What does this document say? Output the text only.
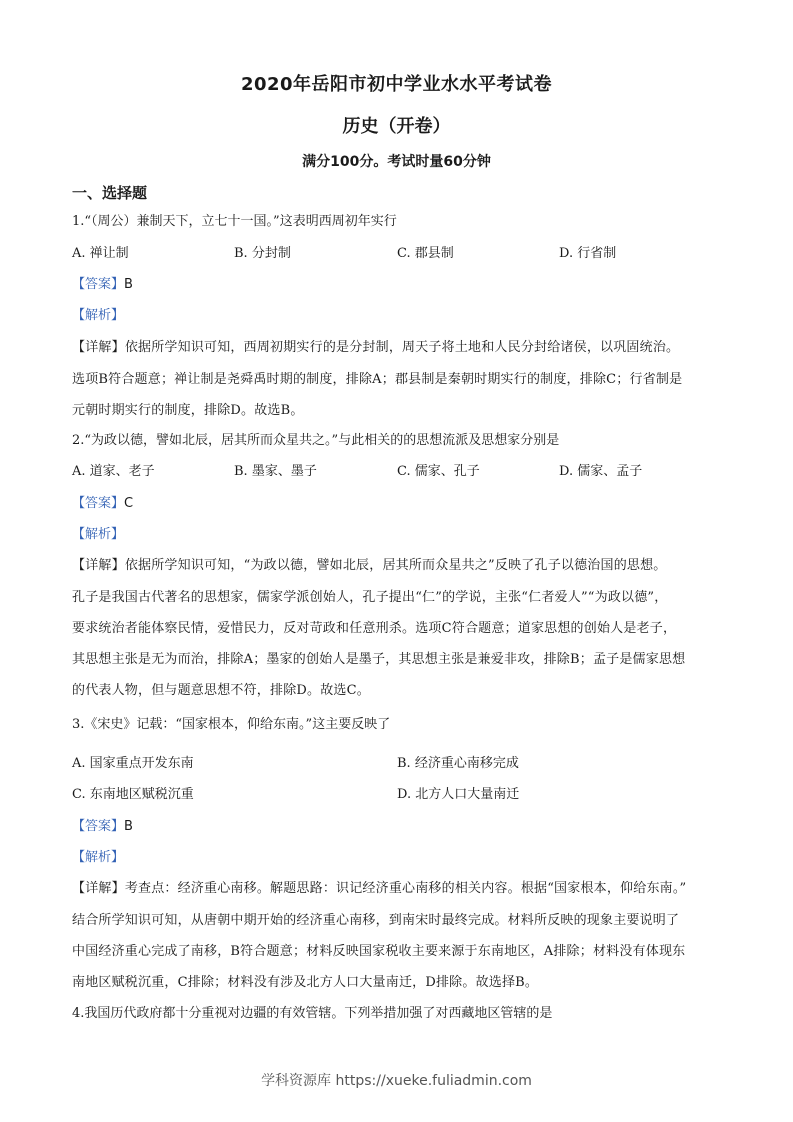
2020年岳阳市初中学业水水平考试卷
历史（开卷）
满分100分。考试时量60分钟
一、选择题
1.“（周公）兼制天下，立七十一国。”这表明西周初年实行
A. 禅让制	B. 分封制	C. 郡县制	D. 行省制
【答案】B
【解析】
【详解】依据所学知识可知，西周初期实行的是分封制，周天子将土地和人民分封给诸侯，以巩固统治。
选项B符合题意；禅让制是尧舜禹时期的制度，排除A；郡县制是秦朝时期实行的制度，排除C；行省制是
元朝时期实行的制度，排除D。故选B。
2.“为政以德，譬如北辰，居其所而众星共之。”与此相关的的思想流派及思想家分别是
A. 道家、老子	B. 墨家、墨子	C. 儒家、孔子	D. 儒家、孟子
【答案】C
【解析】
【详解】依据所学知识可知，“为政以德，譬如北辰，居其所而众星共之”反映了孔子以德治国的思想。
孔子是我国古代著名的思想家，儒家学派创始人，孔子提出“仁”的学说，主张“仁者爱人”“为政以德”，
要求统治者能体察民情，爱惜民力，反对苛政和任意刑杀。选项C符合题意；道家思想的创始人是老子，
其思想主张是无为而治，排除A；墨家的创始人是墨子，其思想主张是兼爱非攻，排除B；孟子是儒家思想
的代表人物，但与题意思想不符，排除D。故选C。
3.《宋史》记载：“国家根本，仰给东南。”这主要反映了
A. 国家重点开发东南	B. 经济重心南移完成
C. 东南地区赋税沉重	D. 北方人口大量南迁
【答案】B
【解析】
【详解】考查点：经济重心南移。解题思路：识记经济重心南移的相关内容。根据“国家根本，仰给东南。”
结合所学知识可知，从唐朝中期开始的经济重心南移，到南宋时最终完成。材料所反映的现象主要说明了
中国经济重心完成了南移，B符合题意；材料反映国家税收主要来源于东南地区，A排除；材料没有体现东
南地区赋税沉重，C排除；材料没有涉及北方人口大量南迁，D排除。故选择B。
4.我国历代政府都十分重视对边疆的有效管辖。下列举措加强了对西藏地区管辖的是
学科资源库 https://xueke.fuliadmin.com
